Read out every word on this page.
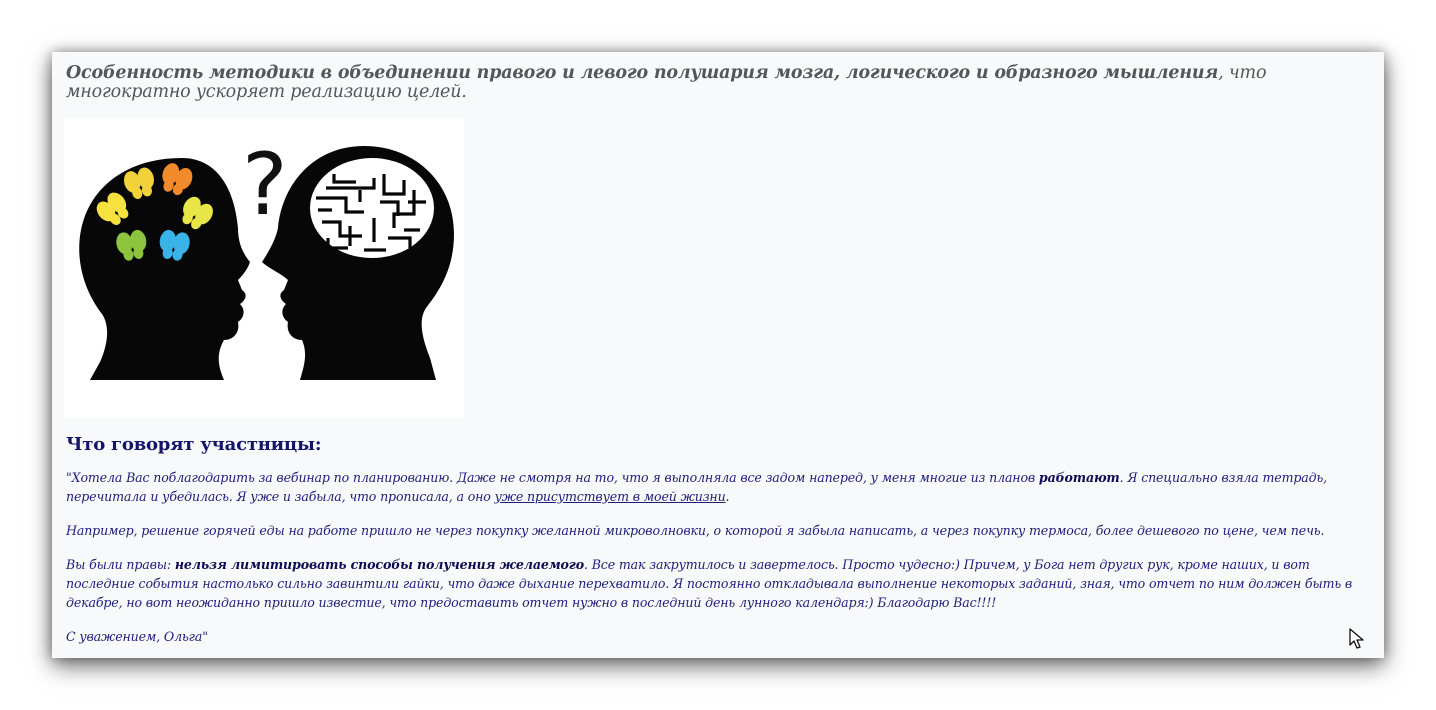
Особенность методики в объединении правого и левого полушария мозга, логического и образного мышления, что многократно ускоряет реализацию целей.

?
Что говорят участницы:

"Хотела Вас поблагодарить за вебинар по планированию. Даже не смотря на то, что я выполняла все задом наперед, у меня многие из планов работают. Я специально взяла тетрадь, перечитала и убедилась. Я уже и забыла, что прописала, а оно уже присутствует в моей жизни.

Например, решение горячей еды на работе пришло не через покупку желанной микроволновки, о которой я забыла написать, а через покупку термоса, более дешевого по цене, чем печь.

Вы были правы: нельзя лимитировать способы получения желаемого. Все так закрутилось и завертелось. Просто чудесно:) Причем, у Бога нет других рук, кроме наших, и вот последние события настолько сильно завинтили гайки, что даже дыхание перехватило. Я постоянно откладывала выполнение некоторых заданий, зная, что отчет по ним должен быть в декабре, но вот неожиданно пришло известие, что предоставить отчет нужно в последний день лунного календаря:) Благодарю Вас!!!!

С уважением, Ольга"
